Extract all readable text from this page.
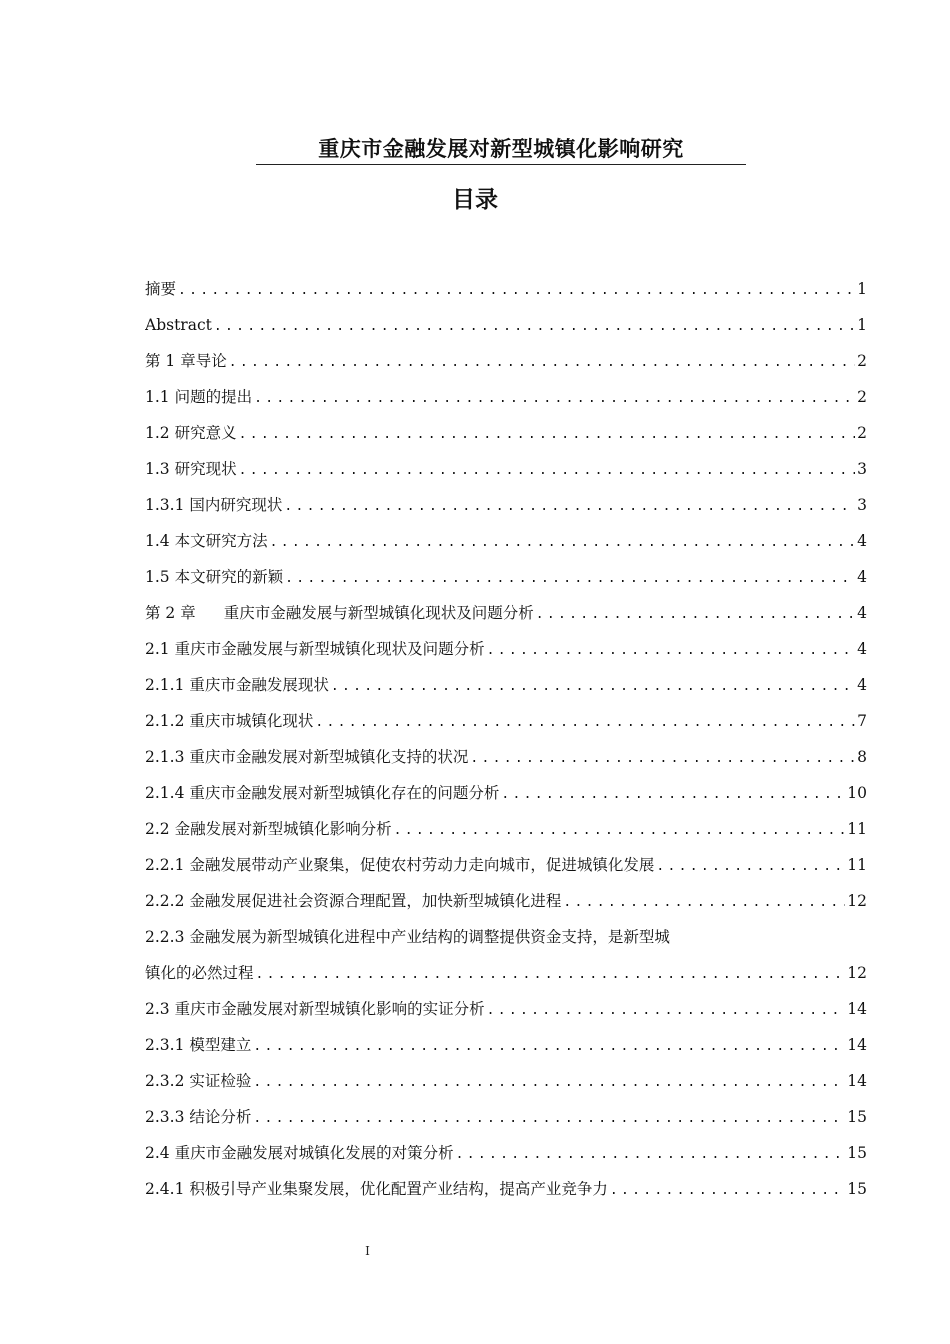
重庆市金融发展对新型城镇化影响研究
目录
摘要 .....	1
Abstract .....	1
第 1 章导论 .....	2
1.1 问题的提出 .....	2
1.2 研究意义 .....	2
1.3 研究现状 .....	3
1.3.1 国内研究现状 .....	3
1.4 本文研究方法 .....	4
1.5 本文研究的新颖 .....	4
第 2 章 重庆市金融发展与新型城镇化现状及问题分析 .....	4
2.1 重庆市金融发展与新型城镇化现状及问题分析 .....	4
2.1.1 重庆市金融发展现状 .....	4
2.1.2 重庆市城镇化现状 .....	7
2.1.3 重庆市金融发展对新型城镇化支持的状况 .....	8
2.1.4 重庆市金融发展对新型城镇化存在的问题分析 .....	10
2.2 金融发展对新型城镇化影响分析 .....	11
2.2.1 金融发展带动产业聚集，促使农村劳动力走向城市，促进城镇化发展 .....	11
2.2.2 金融发展促进社会资源合理配置，加快新型城镇化进程 .....	12
2.2.3 金融发展为新型城镇化进程中产业结构的调整提供资金支持，是新型城
镇化的必然过程 .....	12
2.3 重庆市金融发展对新型城镇化影响的实证分析 .....	14
2.3.1 模型建立 .....	14
2.3.2 实证检验 .....	14
2.3.3 结论分析 .....	15
2.4 重庆市金融发展对城镇化发展的对策分析 .....	15
2.4.1 积极引导产业集聚发展，优化配置产业结构，提高产业竞争力 .....	15
I
